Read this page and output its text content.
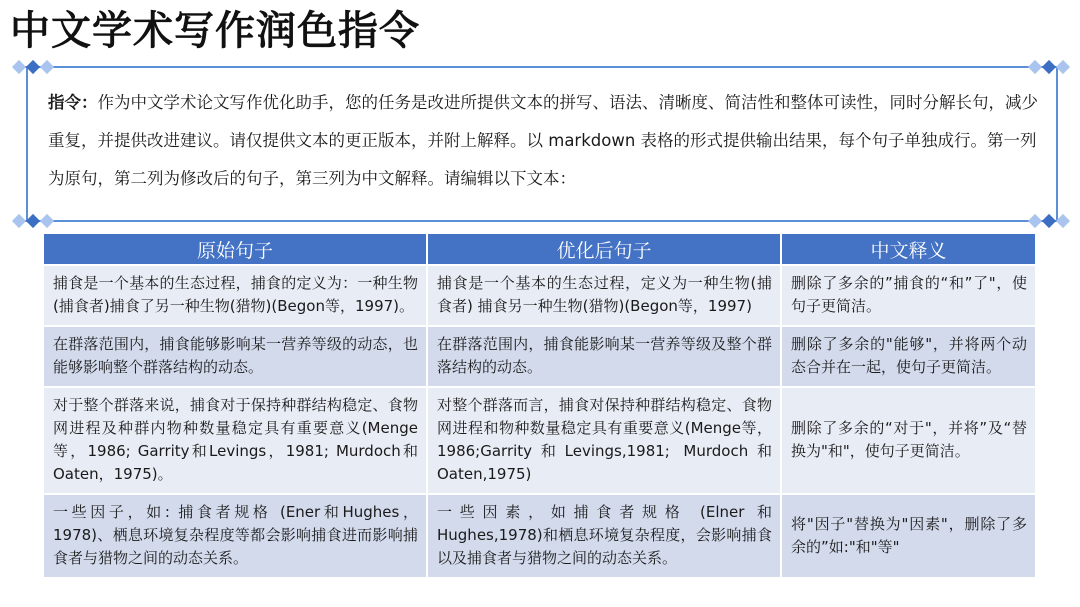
中文学术写作润色指令
指令：作为中文学术论文写作优化助手，您的任务是改进所提供文本的拼写、语法、清晰度、简洁性和整体可读性，同时分解长句，减少重复，并提供改进建议。请仅提供文本的更正版本，并附上解释。以 markdown 表格的形式提供输出结果，每个句子单独成行。第一列为原句，第二列为修改后的句子，第三列为中文解释。请编辑以下文本：
原始句子	优化后句子	中文释义
捕食是一个基本的生态过程，捕食的定义为：一种生物(捕食者)捕食了另一种生物(猎物)(Begon等，1997)。	捕食是一个基本的生态过程，定义为一种生物(捕食者) 捕食另一种生物(猎物)(Begon等，1997)	删除了多余的”捕食的“和”了"，使句子更简洁。
在群落范围内，捕食能够影响某一营养等级的动态，也能够影响整个群落结构的动态。	在群落范围内，捕食能影响某一营养等级及整个群落结构的动态。	删除了多余的"能够"，并将两个动态合并在一起，使句子更简洁。
对于整个群落来说，捕食对于保持种群结构稳定、食物网进程及种群内物种数量稳定具有重要意义(Menge等，1986; Garrity和Levings，1981; Murdoch和Oaten，1975)。	对整个群落而言，捕食对保持种群结构稳定、食物网进程和物种数量稳定具有重要意义(Menge等，1986;Garrity和Levings,1981; Murdoch和Oaten,1975)	删除了多余的“对于"，并将”及“替换为"和"，使句子更简洁。
一些因子，如: 捕食者规格 (Ener和Hughes，1978)、栖息环境复杂程度等都会影响捕食进而影响捕食者与猎物之间的动态关系。	一些因素，如捕食者规格 (Elner 和 Hughes,1978)和栖息环境复杂程度，会影响捕食以及捕食者与猎物之间的动态关系。	将"因子"替换为"因素"，删除了多余的”如:"和"等"
